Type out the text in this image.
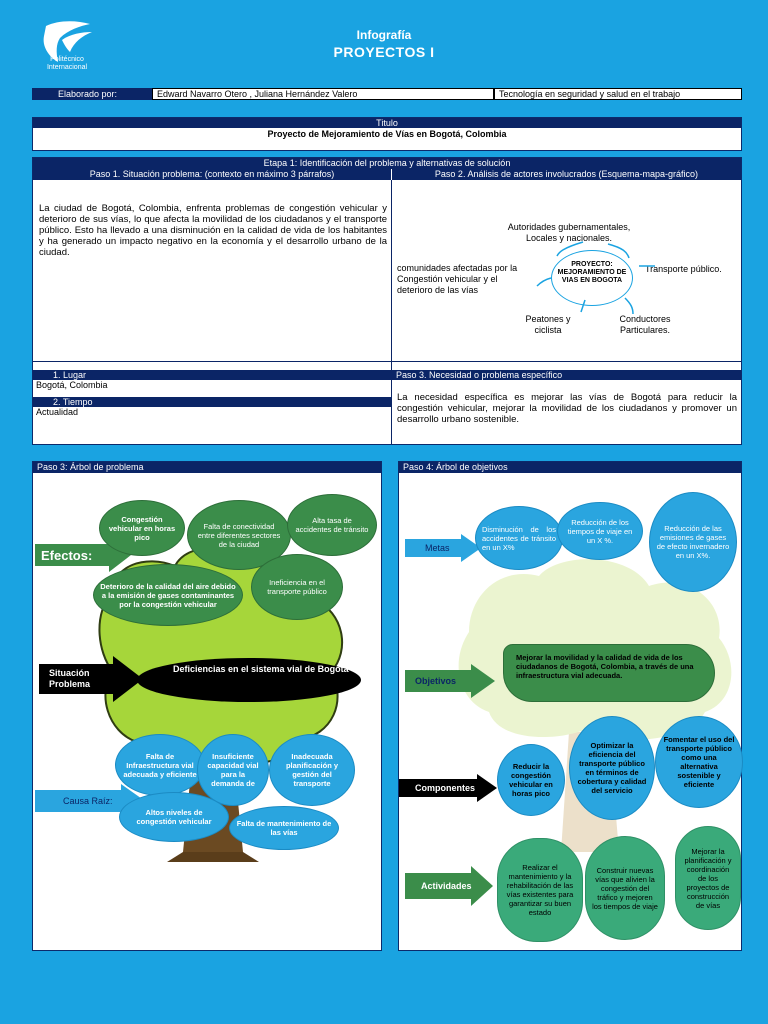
Politécnico Internacional
Infografía
PROYECTOS I
Elaborado por:	Edward Navarro Otero , Juliana Hernández Valero	Tecnología en seguridad y salud en el trabajo
Titulo
Proyecto de Mejoramiento de Vías en Bogotá, Colombia
Etapa 1: Identificación del problema y alternativas de solución
Paso 1. Situación problema: (contexto en máximo 3 párrafos)	Paso 2. Análisis de actores involucrados (Esquema-mapa-gráfico)
La ciudad de Bogotá, Colombia, enfrenta problemas de congestión vehicular y deterioro de sus vías, lo que afecta la movilidad de los ciudadanos y el transporte público. Esto ha llevado a una disminución en la calidad de vida de los habitantes y ha generado un impacto negativo en la economía y el desarrollo urbano de la ciudad.
Autoridades gubernamentales, Locales y nacionales.
comunidades afectadas por la Congestión vehicular y el deterioro de las vías
Transporte público.
Peatones y ciclista
Conductores Particulares.
PROYECTO:
MEJORAMIENTO DE VIAS EN BOGOTA
1. Lugar
Bogotá, Colombia
2. Tiempo
Actualidad
Paso 3. Necesidad o problema específico
La necesidad específica es mejorar las vías de Bogotá para reducir la congestión vehicular, mejorar la movilidad de los ciudadanos y promover un desarrollo urbano sostenible.
Paso 3: Árbol de problema
Efectos:
Congestión vehicular en horas pico
Falta de conectividad entre diferentes sectores de la ciudad
Alta tasa de accidentes de tránsito
Deterioro de la calidad del aire debido a la emisión de gases contaminantes por la congestión vehicular
Ineficiencia en el transporte público
Situación Problema
Deficiencias en el sistema vial de Bogotá
Falta de Infraestructura vial adecuada y eficiente
Insuficiente capacidad vial para la demanda de
Inadecuada planificación y gestión del transporte
Causa Raíz:
Altos niveles de congestión vehicular	Falta de mantenimiento de las vías
Paso 4: Árbol de objetivos
Metas
Disminución de los accidentes de tránsito en un X%
Reducción de los tiempos de viaje en un X %.
Reducción de las emisiones de gases de efecto invernadero en un X%.
Objetivos
Mejorar la movilidad y la calidad de vida de los ciudadanos de Bogotá, Colombia, a través de una infraestructura vial adecuada.
Componentes
Reducir la congestión vehicular en horas pico
Optimizar la eficiencia del transporte público en términos de cobertura y calidad del servicio
Fomentar el uso del transporte público como una alternativa sostenible y eficiente
Actividades
Realizar el mantenimiento y la rehabilitación de las vías existentes para garantizar su buen estado
Construir nuevas vías que alivien la congestión del tráfico y mejoren los tiempos de viaje
Mejorar la planificación y coordinación de los proyectos de construcción de vías
